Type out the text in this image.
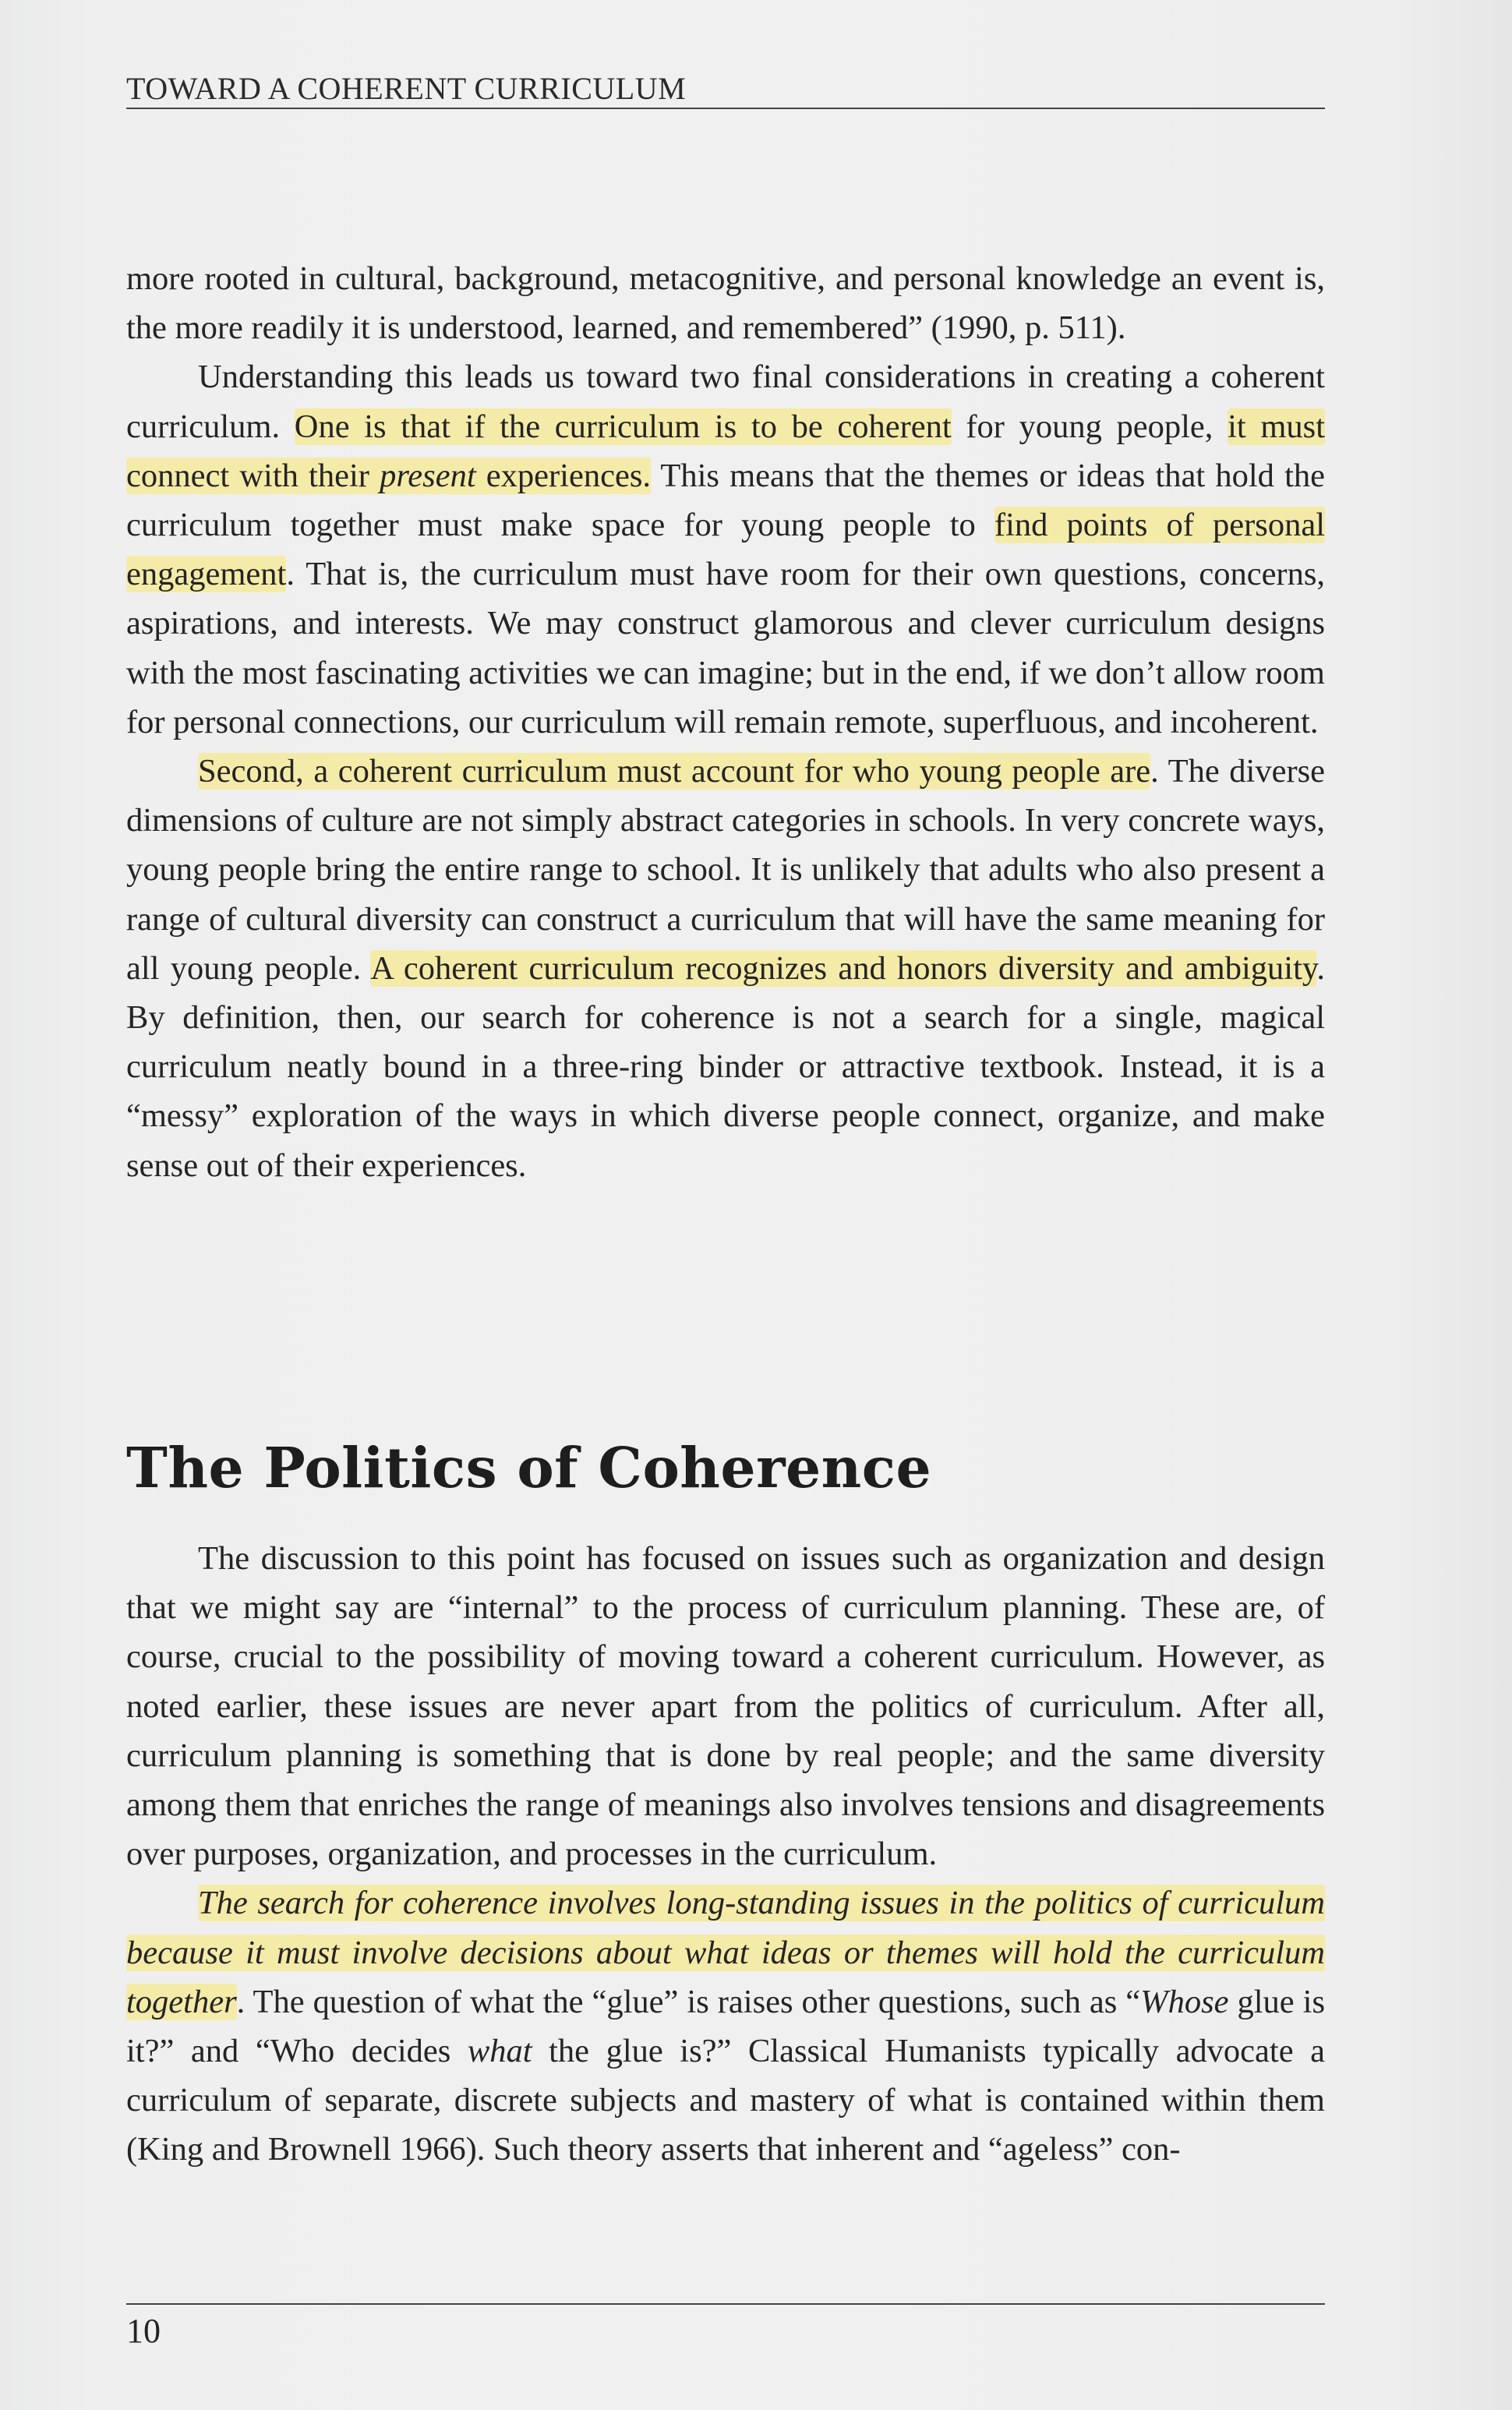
TOWARD A COHERENT CURRICULUM

more rooted in cultural, background, metacognitive, and personal knowledge an event is, the more readily it is understood, learned, and remembered” (1990, p. 511).

Understanding this leads us toward two final considerations in creating a coherent curriculum. One is that if the curriculum is to be coherent for young people, it must connect with their present experiences. This means that the themes or ideas that hold the curriculum together must make space for young people to find points of personal engagement. That is, the curriculum must have room for their own questions, concerns, aspirations, and interests. We may construct glamorous and clever curriculum designs with the most fascinating activities we can imagine; but in the end, if we don’t allow room for personal connections, our curriculum will remain remote, superfluous, and incoherent.

Second, a coherent curriculum must account for who young people are. The diverse dimensions of culture are not simply abstract categories in schools. In very concrete ways, young people bring the entire range to school. It is unlikely that adults who also present a range of cultural diversity can construct a curriculum that will have the same meaning for all young people. A coherent curriculum recognizes and honors diversity and ambiguity. By definition, then, our search for coherence is not a search for a single, magical curriculum neatly bound in a three-ring binder or attractive textbook. Instead, it is a “messy” exploration of the ways in which diverse people connect, organize, and make sense out of their experiences.

The Politics of Coherence

The discussion to this point has focused on issues such as organization and design that we might say are “internal” to the process of curriculum planning. These are, of course, crucial to the possibility of moving toward a coherent curriculum. However, as noted earlier, these issues are never apart from the politics of curriculum. After all, curriculum planning is something that is done by real people; and the same diversity among them that enriches the range of meanings also involves tensions and disagreements over purposes, organization, and processes in the curriculum.

The search for coherence involves long-standing issues in the politics of curriculum because it must involve decisions about what ideas or themes will hold the curriculum together. The question of what the “glue” is raises other questions, such as “Whose glue is it?” and “Who decides what the glue is?” Classical Humanists typically advocate a curriculum of separate, discrete subjects and mastery of what is contained within them (King and Brownell 1966). Such theory asserts that inherent and “ageless” con-

10
